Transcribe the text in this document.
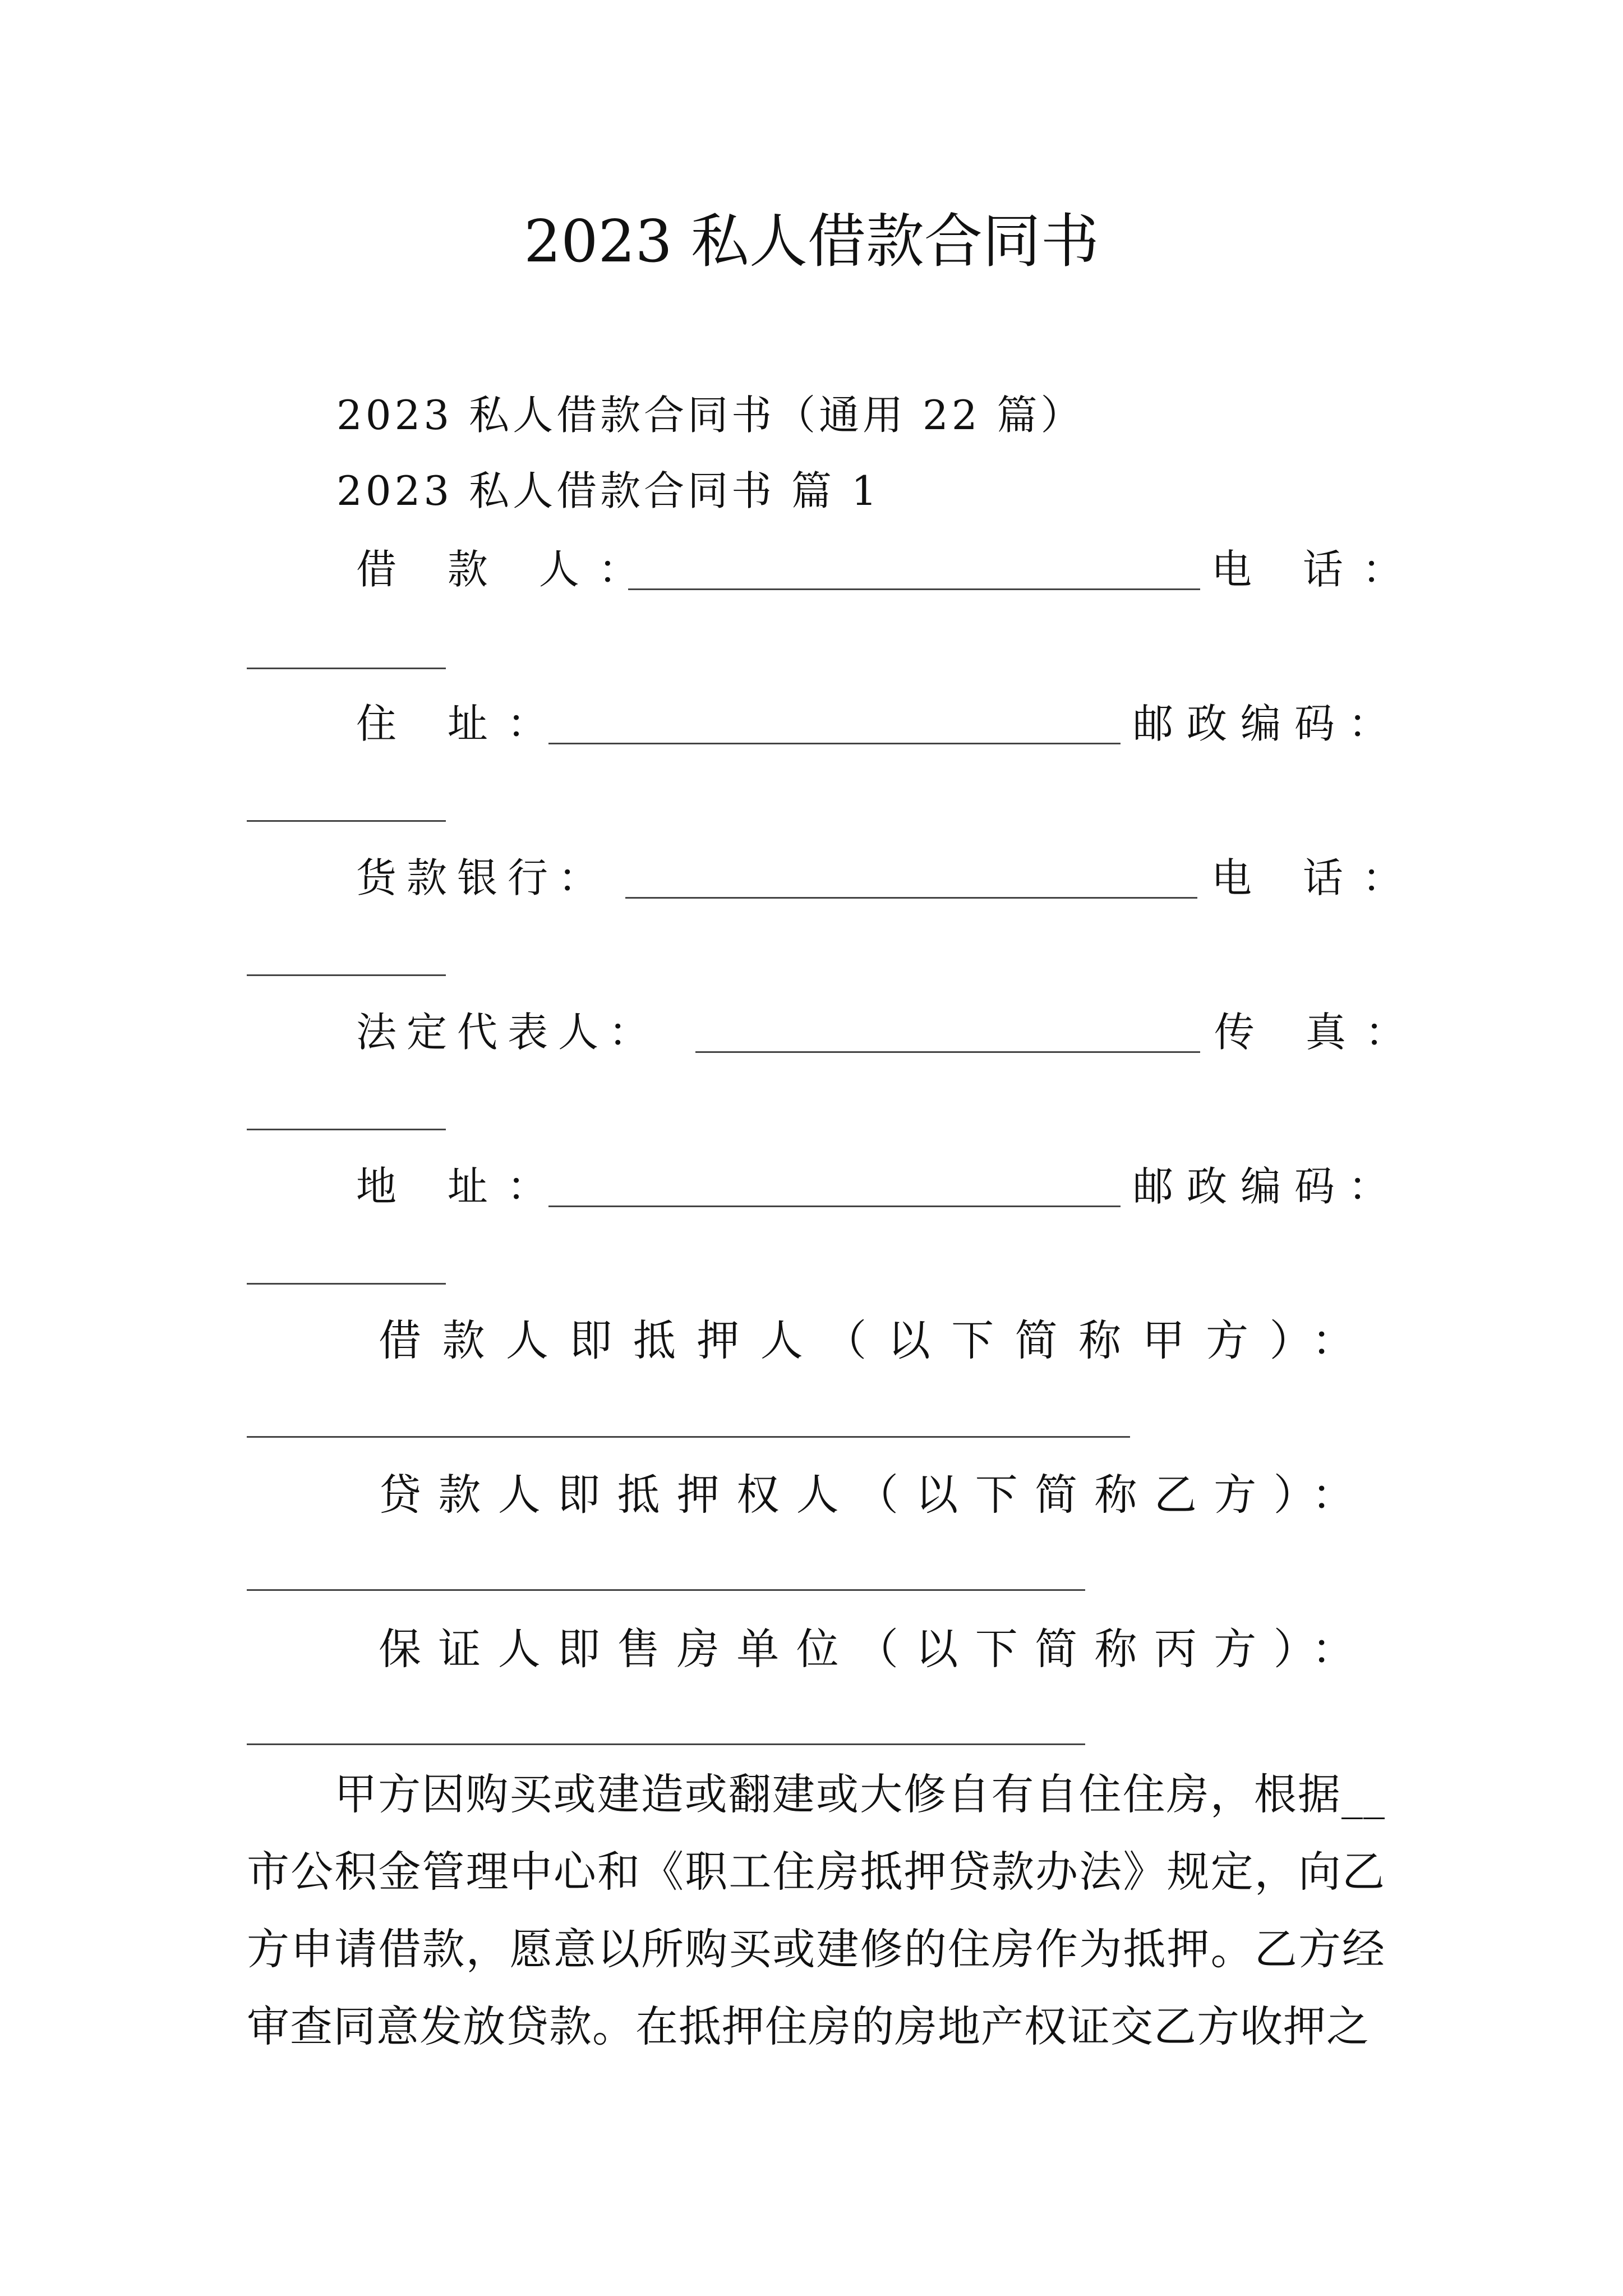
2023 私人借款合同书
2023 私人借款合同书（通用 22 篇）
2023 私人借款合同书 篇 1
借 款 人：	电 话：
住 址：	邮政编码：
货款银行：	电 话：
法定代表人：	传 真：
地 址：	邮政编码：
借款人即抵押人（以下简称甲方）：
贷款人即抵押权人（以下简称乙方）：
保证人即售房单位（以下简称丙方）：
甲方因购买或建造或翻建或大修自有自住住房，根据__市公积金管理中心和《职工住房抵押贷款办法》规定，向乙方申请借款，愿意以所购买或建修的住房作为抵押。乙方经审查同意发放贷款。在抵押住房的房地产权证交乙方收押之
